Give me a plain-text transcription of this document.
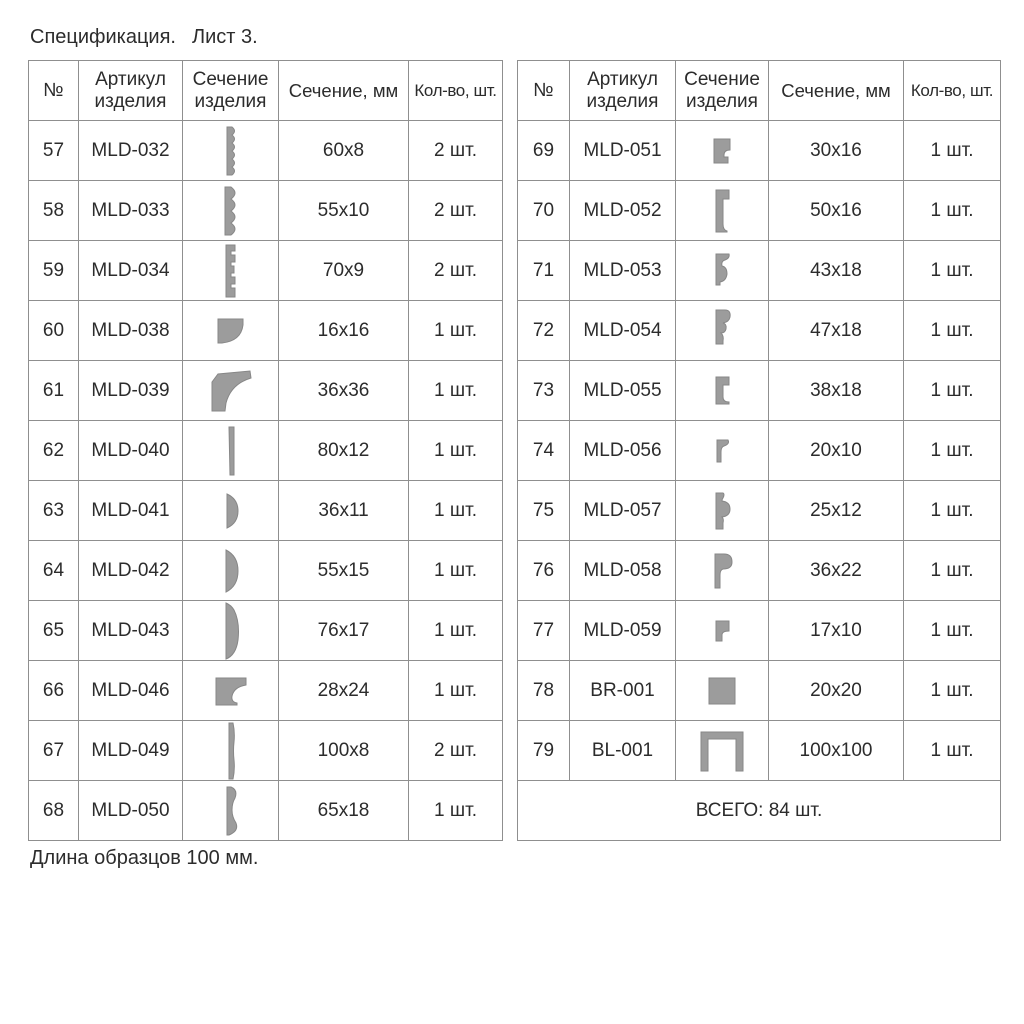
Спецификация. Лист 3.
№	Артикул изделия	Сечение изделия	Сечение, мм	Кол-во, шт.
57	MLD-032		60x8	2 шт.
58	MLD-033		55x10	2 шт.
59	MLD-034		70x9	2 шт.
60	MLD-038		16x16	1 шт.
61	MLD-039		36x36	1 шт.
62	MLD-040		80x12	1 шт.
63	MLD-041		36x11	1 шт.
64	MLD-042		55x15	1 шт.
65	MLD-043		76x17	1 шт.
66	MLD-046		28x24	1 шт.
67	MLD-049		100x8	2 шт.
68	MLD-050		65x18	1 шт.
№	Артикул изделия	Сечение изделия	Сечение, мм	Кол-во, шт.
69	MLD-051		30x16	1 шт.
70	MLD-052		50x16	1 шт.
71	MLD-053		43x18	1 шт.
72	MLD-054		47x18	1 шт.
73	MLD-055		38x18	1 шт.
74	MLD-056		20x10	1 шт.
75	MLD-057		25x12	1 шт.
76	MLD-058		36x22	1 шт.
77	MLD-059		17x10	1 шт.
78	BR-001		20x20	1 шт.
79	BL-001		100x100	1 шт.
ВСЕГО: 84 шт.				
Длина образцов 100 мм.
